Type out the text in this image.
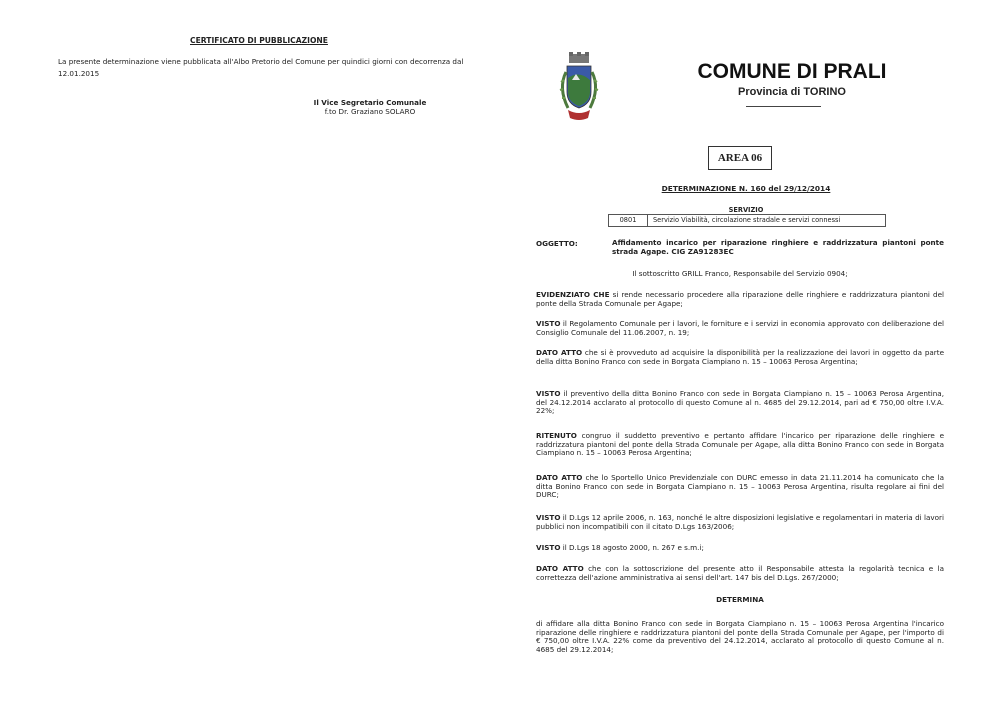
CERTIFICATO DI PUBBLICAZIONE
La presente determinazione viene pubblicata all'Albo Pretorio del Comune per quindici giorni con decorrenza dal 12.01.2015
Il Vice Segretario Comunale
f.to Dr. Graziano SOLARO
COMUNE DI PRALI
Provincia di TORINO
AREA 06
DETERMINAZIONE N. 160 del 29/12/2014
SERVIZIO
0801	Servizio Viabilità, circolazione stradale e servizi connessi
OGGETTO:	Affidamento incarico per riparazione ringhiere e raddrizzatura piantoni ponte strada Agape. CIG ZA91283EC
Il sottoscritto GRILL Franco, Responsabile del Servizio 0904;
EVIDENZIATO CHE si rende necessario procedere alla riparazione delle ringhiere e raddrizzatura piantoni del ponte della Strada Comunale per Agape;
VISTO il Regolamento Comunale per i lavori, le forniture e i servizi in economia approvato con deliberazione del Consiglio Comunale del 11.06.2007, n. 19;
DATO ATTO che si è provveduto ad acquisire la disponibilità per la realizzazione dei lavori in oggetto da parte della ditta Bonino Franco con sede in Borgata Ciampiano n. 15 – 10063 Perosa Argentina;
VISTO il preventivo della ditta Bonino Franco con sede in Borgata Ciampiano n. 15 – 10063 Perosa Argentina, del 24.12.2014 acclarato al protocollo di questo Comune al n. 4685 del 29.12.2014, pari ad € 750,00 oltre I.V.A. 22%;
RITENUTO congruo il suddetto preventivo e pertanto affidare l'incarico per riparazione delle ringhiere e raddrizzatura piantoni del ponte della Strada Comunale per Agape, alla ditta Bonino Franco con sede in Borgata Ciampiano n. 15 – 10063 Perosa Argentina;
DATO ATTO che lo Sportello Unico Previdenziale con DURC emesso in data 21.11.2014 ha comunicato che la ditta Bonino Franco con sede in Borgata Ciampiano n. 15 – 10063 Perosa Argentina, risulta regolare ai fini del DURC;
VISTO il D.Lgs 12 aprile 2006, n. 163, nonché le altre disposizioni legislative e regolamentari in materia di lavori pubblici non incompatibili con il citato D.Lgs 163/2006;
VISTO il D.Lgs 18 agosto 2000, n. 267 e s.m.i;
DATO ATTO che con la sottoscrizione del presente atto il Responsabile attesta la regolarità tecnica e la correttezza dell'azione amministrativa ai sensi dell'art. 147 bis del D.Lgs. 267/2000;
DETERMINA
di affidare alla ditta Bonino Franco con sede in Borgata Ciampiano n. 15 – 10063 Perosa Argentina l'incarico riparazione delle ringhiere e raddrizzatura piantoni del ponte della Strada Comunale per Agape, per l'importo di € 750,00 oltre I.V.A. 22% come da preventivo del 24.12.2014, acclarato al protocollo di questo Comune al n. 4685 del 29.12.2014;
